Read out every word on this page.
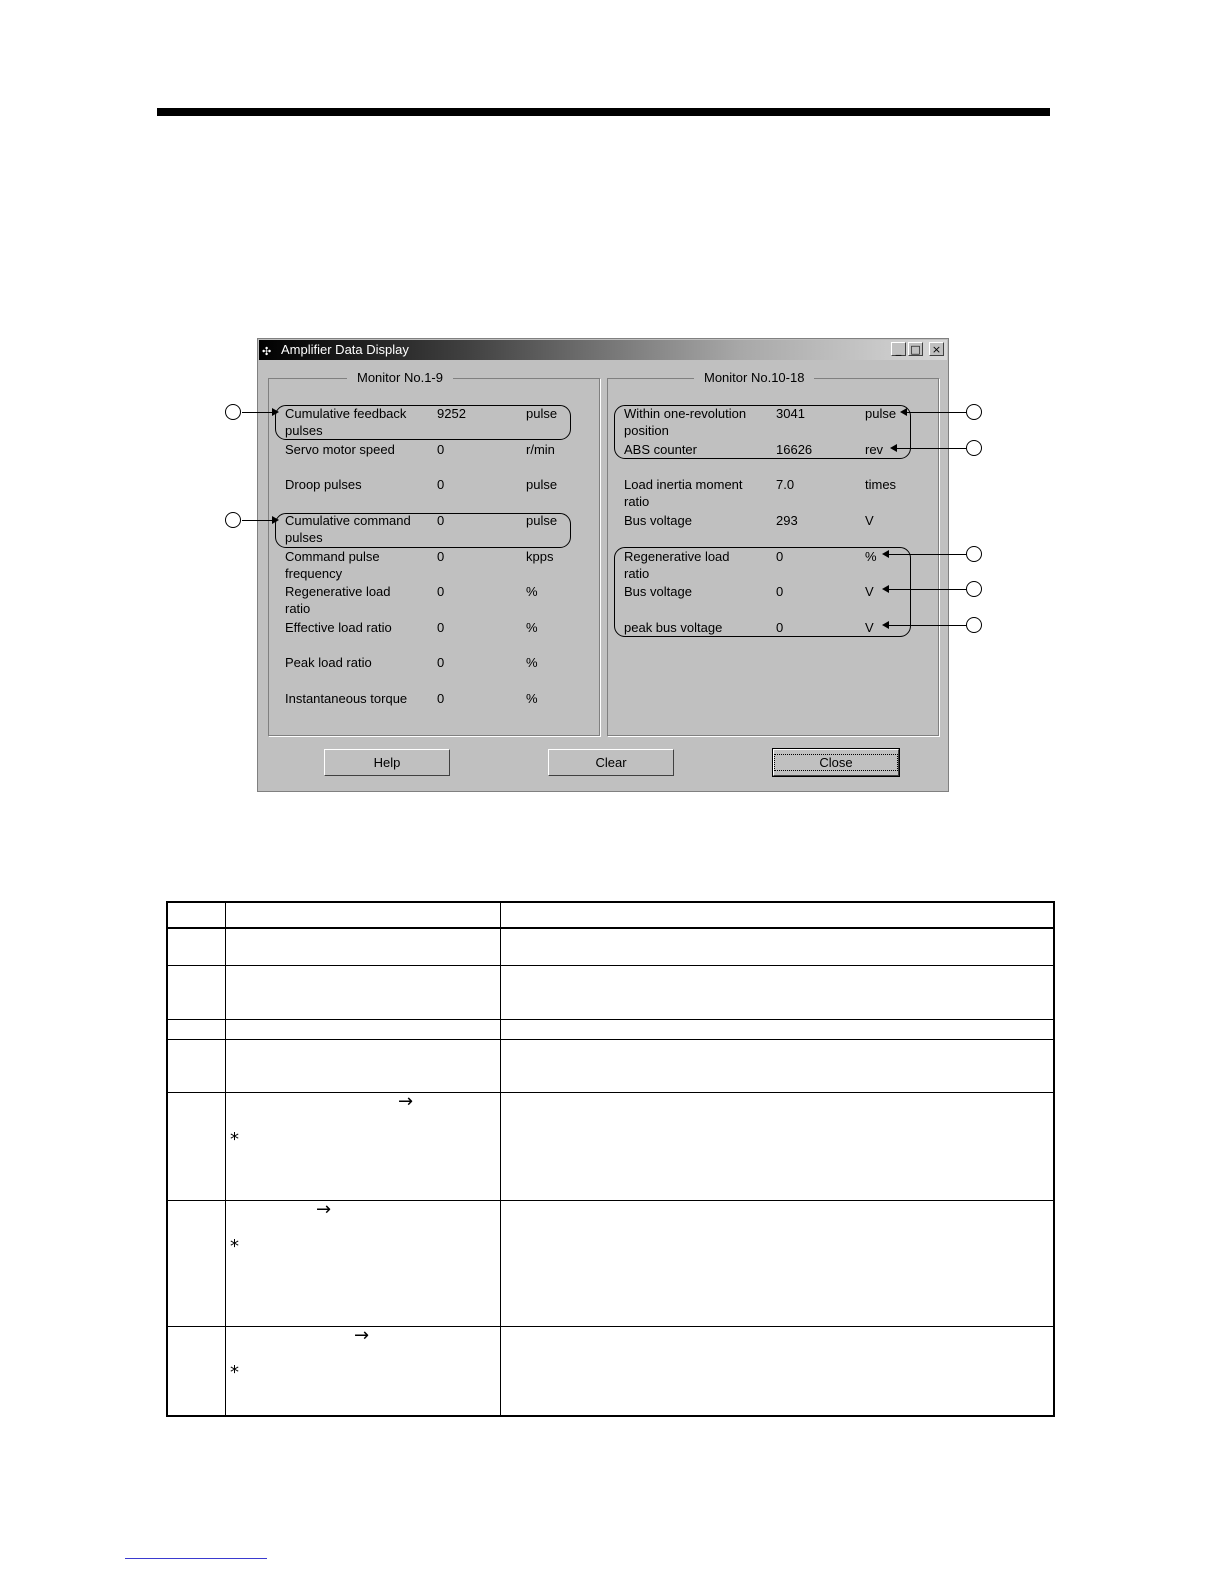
✣ Amplifier Data Display	_ □ ×
Monitor No.1-9	Monitor No.10-18
Cumulative feedback
pulses
9252	pulse
Servo motor speed	0	r/min
Droop pulses	0	pulse
Cumulative command
pulses
0	pulse
Command pulse
frequency
0	kpps
Regenerative load
ratio
0	%
Effective load ratio	0	%
Peak load ratio	0	%
Instantaneous torque 0	%
Within one-revolution
position
3041	pulse
ABS counter	16626	rev
Load inertia moment
ratio
7.0	times
Bus voltage	293	V
Regenerative load
ratio
0	%
Bus voltage	0	V
peak bus voltage	0	V
Help	Clear	Close
→
*
→
*
→
*
